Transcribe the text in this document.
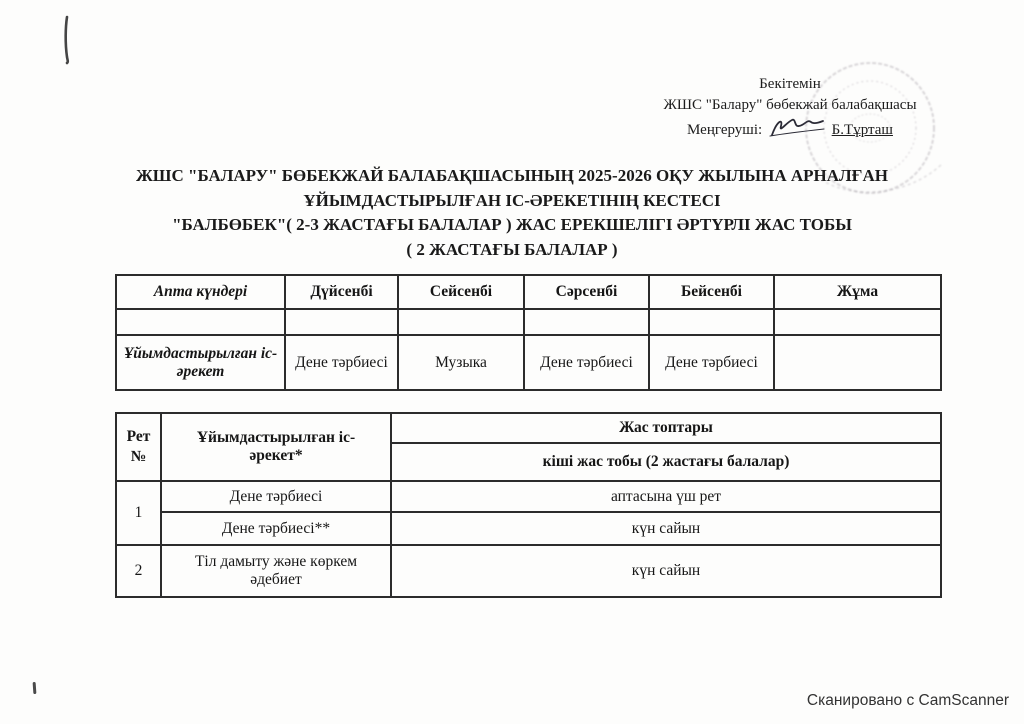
Бекітемін
ЖШС "Балару" бөбекжай балабақшасы
Меңгеруші:	Б.Тұрташ
ЖШС "БАЛАРУ" БӨБЕКЖАЙ БАЛАБАҚШАСЫНЫҢ 2025-2026 ОҚУ ЖЫЛЫНА АРНАЛҒАН
ҰЙЫМДАСТЫРЫЛҒАН ІС-ӘРЕКЕТІНІҢ КЕСТЕСІ
"БАЛБӨБЕК"( 2-3 ЖАСТАҒЫ БАЛАЛАР ) ЖАС ЕРЕКШЕЛІГІ ӘРТҮРЛІ ЖАС ТОБЫ
( 2 ЖАСТАҒЫ БАЛАЛАР )
Апта күндері	Дүйсенбі	Сейсенбі	Сәрсенбі	Бейсенбі	Жұма

Ұйымдастырылған іс-әрекет	Дене тәрбиесі	Музыка	Дене тәрбиесі	Дене тәрбиесі	
Рет №	Ұйымдастырылған іс-әрекет*	Жас топтары
		кіші жас тобы (2 жастағы балалар)
1	Дене тәрбиесі	аптасына үш рет
	Дене тәрбиесі**	күн сайын
2	Тіл дамыту және көркем әдебиет	күн сайын
Сканировано с CamScanner
